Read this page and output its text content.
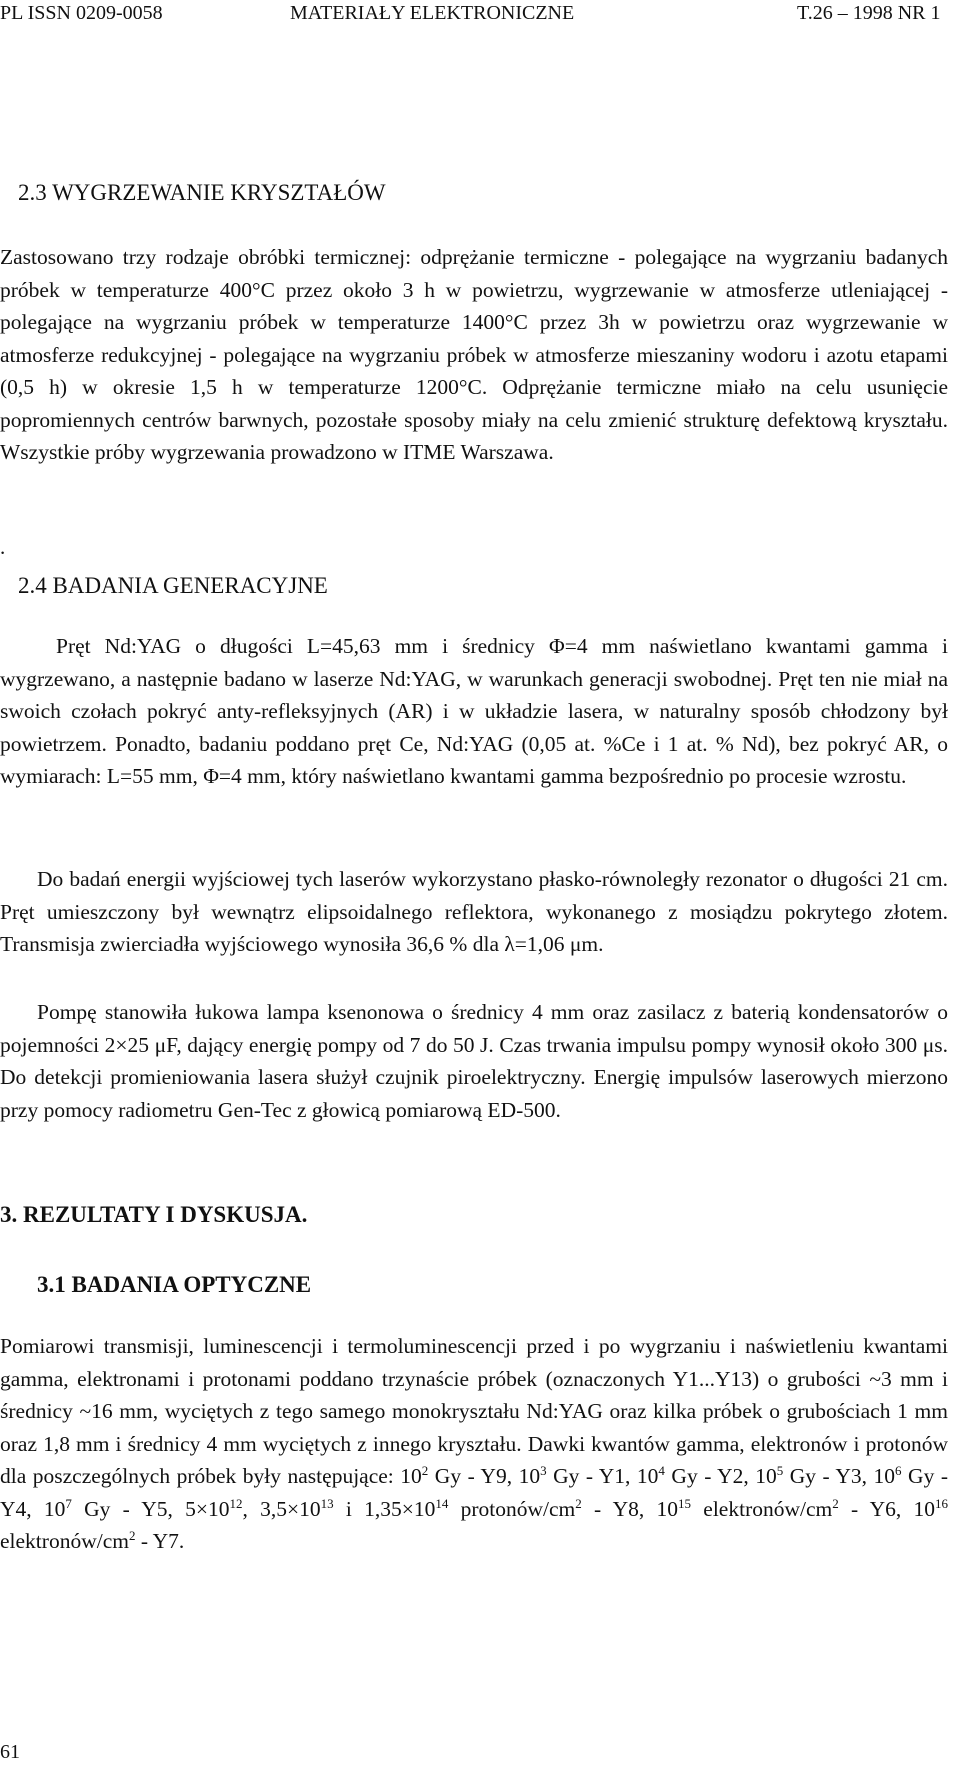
PL ISSN 0209-0058	MATERIAŁY ELEKTRONICZNE	T.26 – 1998 NR 1
2.3 WYGRZEWANIE KRYSZTAŁÓW

Zastosowano trzy rodzaje obróbki termicznej: odprężanie termiczne - polegające na wygrzaniu badanych próbek w temperaturze 400°C przez około 3 h w powietrzu, wygrzewanie w atmosferze utleniającej - polegające na wygrzaniu próbek w temperaturze 1400°C przez 3h w powietrzu oraz wygrzewanie w atmosferze redukcyjnej - polegające na wygrzaniu próbek w atmosferze mieszaniny wodoru i azotu etapami (0,5 h) w okresie 1,5 h w temperaturze 1200°C. Odprężanie termiczne miało na celu usunięcie popromiennych centrów barwnych, pozostałe sposoby miały na celu zmienić strukturę defektową kryształu. Wszystkie próby wygrzewania prowadzono w ITME Warszawa.

.
2.4 BADANIA GENERACYJNE

Pręt Nd:YAG o długości L=45,63 mm i średnicy Φ=4 mm naświetlano kwantami gamma i wygrzewano, a następnie badano w laserze Nd:YAG, w warunkach generacji swobodnej. Pręt ten nie miał na swoich czołach pokryć anty-refleksyjnych (AR) i w układzie lasera, w naturalny sposób chłodzony był powietrzem. Ponadto, badaniu poddano pręt Ce, Nd:YAG (0,05 at. %Ce i 1 at. % Nd), bez pokryć AR, o wymiarach: L=55 mm, Φ=4 mm, który naświetlano kwantami gamma bezpośrednio po procesie wzrostu.

Do badań energii wyjściowej tych laserów wykorzystano płasko-równoległy rezonator o długości 21 cm. Pręt umieszczony był wewnątrz elipsoidalnego reflektora, wykonanego z mosiądzu pokrytego złotem. Transmisja zwierciadła wyjściowego wynosiła 36,6 % dla λ=1,06 μm.

Pompę stanowiła łukowa lampa ksenonowa o średnicy 4 mm oraz zasilacz z baterią kondensatorów o pojemności 2×25 μF, dający energię pompy od 7 do 50 J. Czas trwania impulsu pompy wynosił około 300 μs. Do detekcji promieniowania lasera służył czujnik piroelektryczny. Energię impulsów laserowych mierzono przy pomocy radiometru Gen-Tec z głowicą pomiarową ED-500.

3. REZULTATY I DYSKUSJA.
3.1 BADANIA OPTYCZNE

Pomiarowi transmisji, luminescencji i termoluminescencji przed i po wygrzaniu i naświetleniu kwantami gamma, elektronami i protonami poddano trzynaście próbek (oznaczonych Y1...Y13) o grubości ~3 mm i średnicy ~16 mm, wyciętych z tego samego monokryształu Nd:YAG oraz kilka próbek o grubościach 1 mm oraz 1,8 mm i średnicy 4 mm wyciętych z innego kryształu. Dawki kwantów gamma, elektronów i protonów dla poszczególnych próbek były następujące: $10^2$ Gy - Y9, $10^3$ Gy - Y1, $10^4$ Gy - Y2, $10^5$ Gy - Y3, $10^6$ Gy - Y4, $10^7$ Gy - Y5, $5\times 10^{12}$, $3,5\times 10^{13}$ i $1,35\times 10^{14}$ protonów/$cm^2 - Y8$, $10^{15}$ elektronów/$cm^2 - Y6$, $10^{16}$ elektronów/$cm^2 - Y7$.

61
